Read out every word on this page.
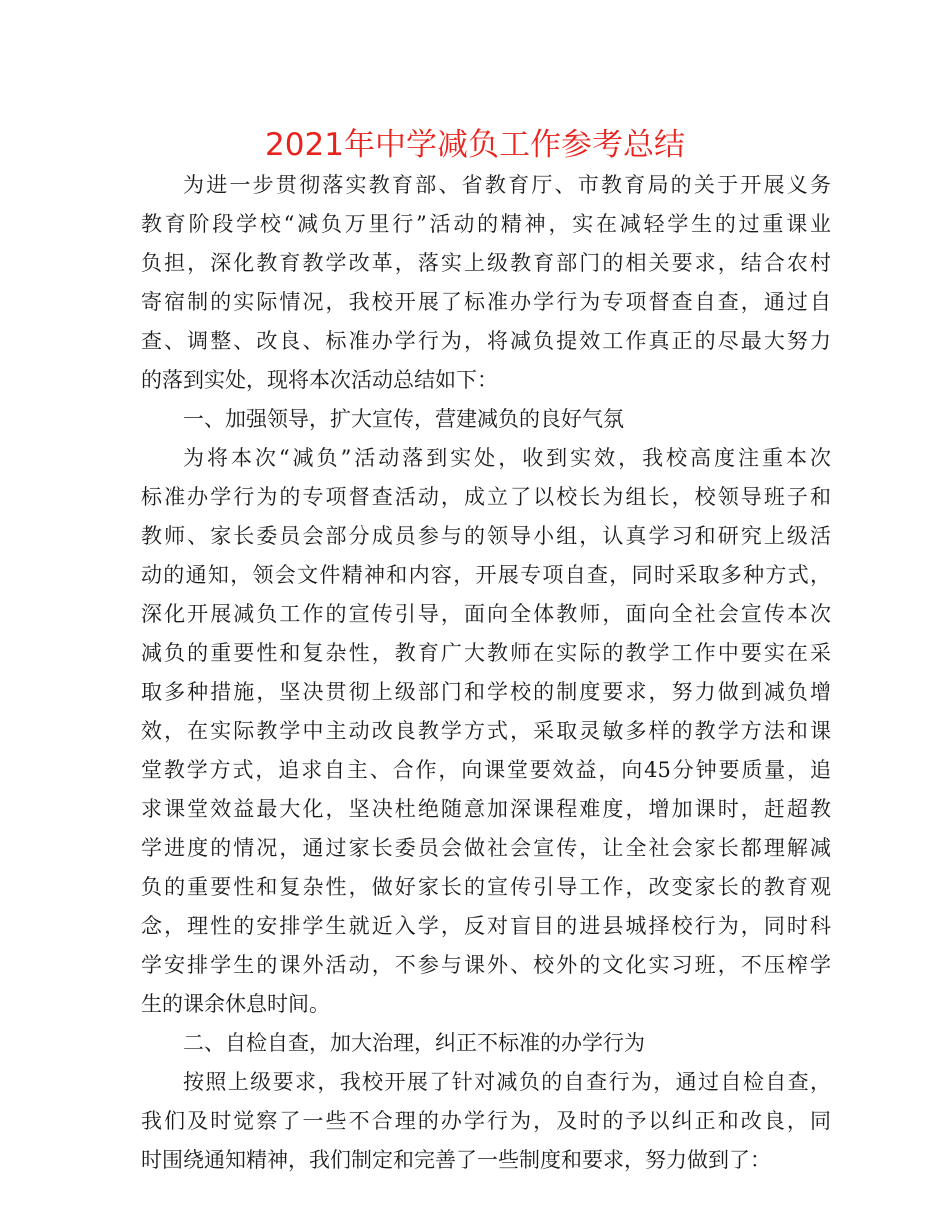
2021年中学减负工作参考总结
为进一步贯彻落实教育部、省教育厅、市教育局的关于开展义务
教育阶段学校“减负万里行”活动的精神，实在减轻学生的过重课业
负担，深化教育教学改革，落实上级教育部门的相关要求，结合农村
寄宿制的实际情况，我校开展了标准办学行为专项督查自查，通过自
查、调整、改良、标准办学行为，将减负提效工作真正的尽最大努力
的落到实处，现将本次活动总结如下：
一、加强领导，扩大宣传，营建减负的良好气氛
为将本次“减负”活动落到实处，收到实效，我校高度注重本次
标准办学行为的专项督查活动，成立了以校长为组长，校领导班子和
教师、家长委员会部分成员参与的领导小组，认真学习和研究上级活
动的通知，领会文件精神和内容，开展专项自查，同时采取多种方式，
深化开展减负工作的宣传引导，面向全体教师，面向全社会宣传本次
减负的重要性和复杂性，教育广大教师在实际的教学工作中要实在采
取多种措施，坚决贯彻上级部门和学校的制度要求，努力做到减负增
效，在实际教学中主动改良教学方式，采取灵敏多样的教学方法和课
堂教学方式，追求自主、合作，向课堂要效益，向45分钟要质量，追
求课堂效益最大化，坚决杜绝随意加深课程难度，增加课时，赶超教
学进度的情况，通过家长委员会做社会宣传，让全社会家长都理解减
负的重要性和复杂性，做好家长的宣传引导工作，改变家长的教育观
念，理性的安排学生就近入学，反对盲目的进县城择校行为，同时科
学安排学生的课外活动，不参与课外、校外的文化实习班，不压榨学
生的课余休息时间。
二、自检自查，加大治理，纠正不标准的办学行为
按照上级要求，我校开展了针对减负的自查行为，通过自检自查，
我们及时觉察了一些不合理的办学行为，及时的予以纠正和改良，同
时围绕通知精神，我们制定和完善了一些制度和要求，努力做到了：
